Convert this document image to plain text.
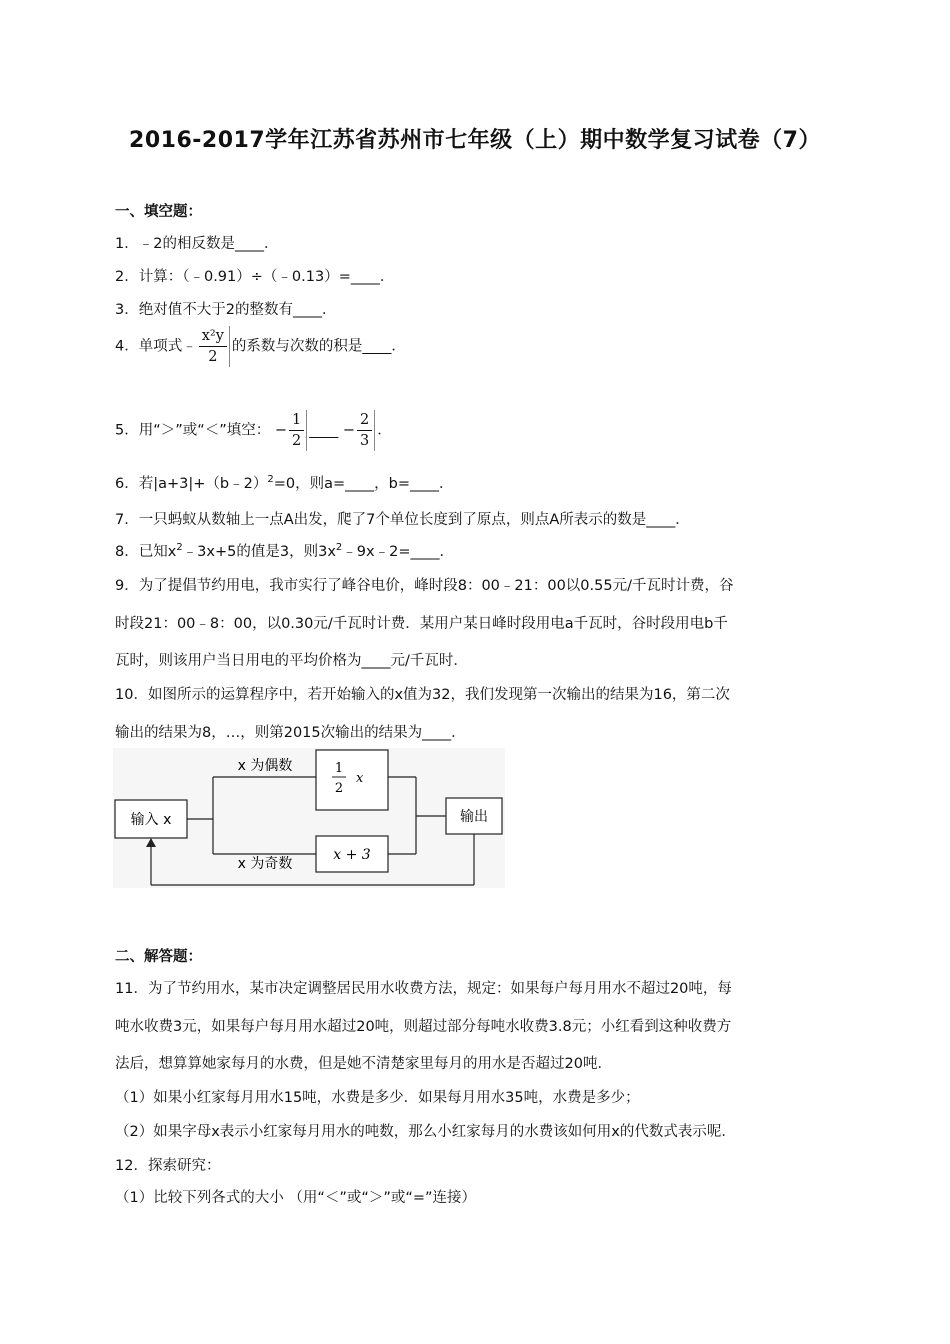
2016-2017学年江苏省苏州市七年级（上）期中数学复习试卷（7）
一、填空题：
1．﹣2的相反数是____．
2．计算：（﹣0.91）÷（﹣0.13）=____．
3．绝对值不大于2的整数有____．
4．单项式﹣ $\frac{\text{x²y}}{2}$ 的系数与次数的积是____．
5．用“＞”或“＜”填空： − $\frac{1}{2}$ ____ − $\frac{2}{3}$ ．
6．若|a+3|+（b﹣2）$^2$=0，则a=____，b=____．
7．一只蚂蚁从数轴上一点A出发，爬了7个单位长度到了原点，则点A所表示的数是____．
8．已知$x^2﹣3x+5$的值是3，则$3x^2﹣9x﹣2=\_\_\_\_$．
9．为了提倡节约用电，我市实行了峰谷电价，峰时段8：00﹣21：00以0.55元/千瓦时计费，谷
时段21：00﹣8：00，以0.30元/千瓦时计费．某用户某日峰时段用电a千瓦时，谷时段用电b千
瓦时，则该用户当日用电的平均价格为____元/千瓦时．
10．如图所示的运算程序中，若开始输入的x值为32，我们发现第一次输出的结果为16，第二次
输出的结果为8，…，则第2015次输出的结果为____．
输入 x
x 为偶数
x 为奇数
1
2
x
x + 3
输出
二、解答题：
11．为了节约用水，某市决定调整居民用水收费方法，规定：如果每户每月用水不超过20吨，每
吨水收费3元，如果每户每月用水超过20吨，则超过部分每吨水收费3.8元；小红看到这种收费方
法后，想算算她家每月的水费，但是她不清楚家里每月的用水是否超过20吨．
（1）如果小红家每月用水15吨，水费是多少．如果每月用水35吨，水费是多少；
（2）如果字母x表示小红家每月用水的吨数，那么小红家每月的水费该如何用x的代数式表示呢．
12．探索研究：
（1）比较下列各式的大小 （用“＜”或“＞”或“=”连接）
